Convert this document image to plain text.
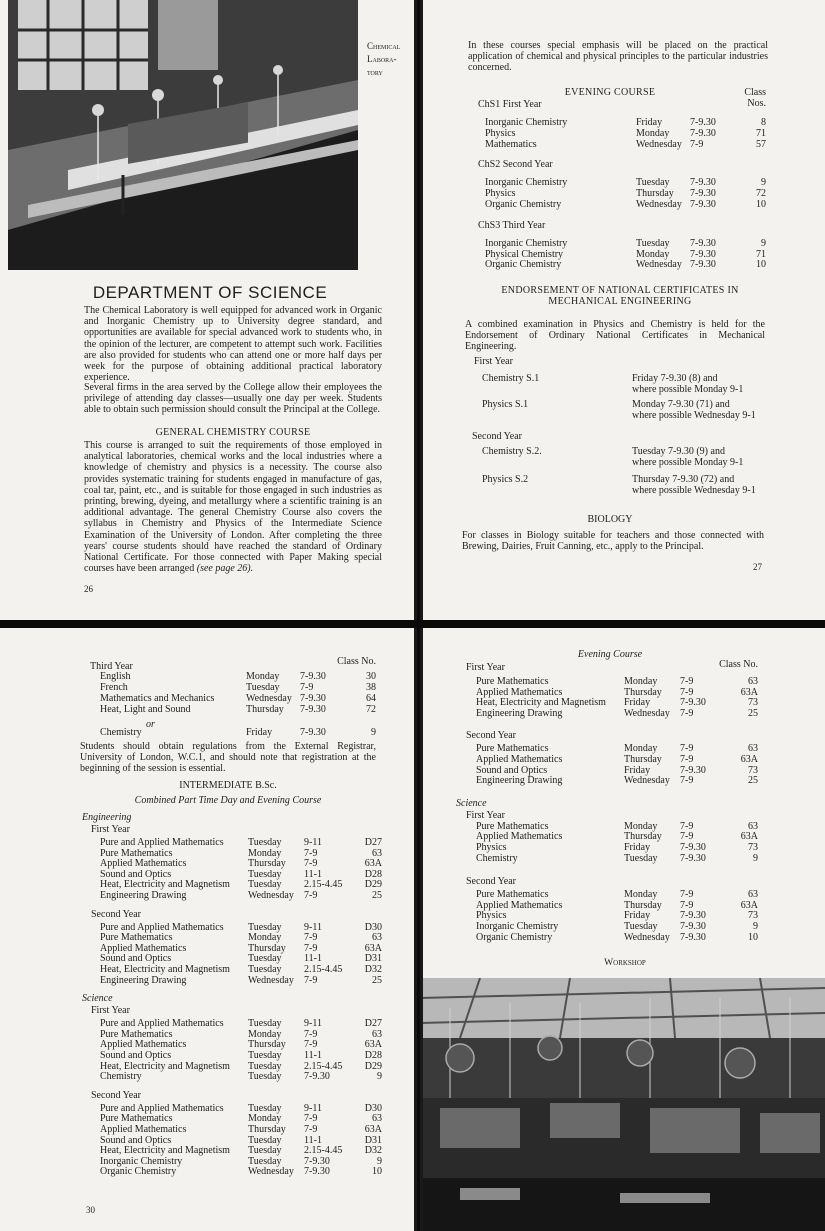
Chemical
Labora-
tory
DEPARTMENT OF SCIENCE
The Chemical Laboratory is well equipped for advanced work in Organic and Inorganic Chemistry up to University degree standard, and opportunities are available for special advanced work to students who, in the opinion of the lecturer, are competent to attempt such work. Facilities are also provided for students who can attend one or more half days per week for the purpose of obtaining additional practical laboratory experience.
Several firms in the area served by the College allow their employees the privilege of attending day classes—usually one day per week. Students able to obtain such permission should consult the Principal at the College.
GENERAL CHEMISTRY COURSE
This course is arranged to suit the requirements of those employed in analytical laboratories, chemical works and the local industries where a knowledge of chemistry and physics is a necessity. The course also provides systematic training for students engaged in manufacture of gas, coal tar, paint, etc., and is suitable for those engaged in such industries as printing, brewing, dyeing, and metallurgy where a scientific training is an additional advantage. The general Chemistry Course also covers the syllabus in Chemistry and Physics of the Intermediate Science Examination of the University of London. After completing the three years' course students should have reached the standard of Ordinary National Certificate. For those connected with Paper Making special courses have been arranged (see page 26).
26
In these courses special emphasis will be placed on the practical application of chemical and physical principles to the particular industries concerned.
EVENING COURSE	Class
Nos.
ChS1 First Year
Inorganic Chemistry	Friday	7-9.30	8
Physics	Monday 7-9.30	71
Mathematics	Wednesday 7-9	57
ChS2 Second Year
Inorganic Chemistry	Tuesday 7-9.30	9
Physics	Thursday 7-9.30	72
Organic Chemistry	Wednesday 7-9.30	10
ChS3 Third Year
Inorganic Chemistry	Tuesday 7-9.30	9
Physical Chemistry	Monday 7-9.30	71
Organic Chemistry	Wednesday 7-9.30	10
ENDORSEMENT OF NATIONAL CERTIFICATES IN MECHANICAL ENGINEERING
A combined examination in Physics and Chemistry is held for the Endorsement of Ordinary National Certificates in Mechanical Engineering.
First Year
Chemistry S.1	Friday 7-9.30 (8) and
where possible Monday 9-1
Physics S.1	Monday 7-9.30 (71) and
where possible Wednesday 9-1
Second Year
Chemistry S.2.	Tuesday 7-9.30 (9) and
where possible Monday 9-1
Physics S.2	Thursday 7-9.30 (72) and
where possible Wednesday 9-1
BIOLOGY
For classes in Biology suitable for teachers and those connected with Brewing, Dairies, Fruit Canning, etc., apply to the Principal.
27
Third Year	Class No.
English	Monday 7-9.30	30
French	Tuesday 7-9	38
Mathematics and Mechanics	Wednesday 7-9.30	64
Heat, Light and Sound	Thursday 7-9.30	72
or
Chemistry	Friday	7-9.30	9
Students should obtain regulations from the External Registrar, University of London, W.C.1, and should note that registration at the beginning of the session is essential.
INTERMEDIATE B.Sc.
Combined Part Time Day and Evening Course
Engineering
First Year
Pure and Applied Mathematics Tuesday 9-11	D27
Pure Mathematics	Monday 7-9	63
Applied Mathematics	Thursday 7-9	63A
Sound and Optics	Tuesday 11-1	D28
Heat, Electricity and Magnetism Tuesday 2.15-4.45	D29
Engineering Drawing	Wednesday 7-9	25
Second Year
Pure and Applied Mathematics Tuesday 9-11	D30
Pure Mathematics	Monday 7-9	63
Applied Mathematics	Thursday 7-9	63A
Sound and Optics	Tuesday 11-1	D31
Heat, Electricity and Magnetism Tuesday 2.15-4.45	D32
Engineering Drawing	Wednesday 7-9	25
Science
First Year
Pure and Applied Mathematics Tuesday 9-11	D27
Pure Mathematics	Monday 7-9	63
Applied Mathematics	Thursday 7-9	63A
Sound and Optics	Tuesday 11-1	D28
Heat, Electricity and Magnetism Tuesday 2.15-4.45	D29
Chemistry	Tuesday 7-9.30	9
Second Year
Pure and Applied Mathematics Tuesday 9-11	D30
Pure Mathematics	Monday 7-9	63
Applied Mathematics	Thursday 7-9	63A
Sound and Optics	Tuesday 11-1	D31
Heat, Electricity and Magnetism Tuesday 2.15-4.45	D32
Inorganic Chemistry	Tuesday 7-9.30	9
Organic Chemistry	Wednesday 7-9.30	10
30
Evening Course
Class No.
First Year
Pure Mathematics	Monday 7-9	63
Applied Mathematics	Thursday 7-9	63A
Heat, Electricity and Magnetism Friday	7-9.30	73
Engineering Drawing	Wednesday 7-9	25
Second Year
Pure Mathematics	Monday 7-9	63
Applied Mathematics	Thursday 7-9	63A
Sound and Optics	Friday	7-9.30	73
Engineering Drawing	Wednesday 7-9	25
Science
First Year
Pure Mathematics	Monday 7-9	63
Applied Mathematics	Thursday 7-9	63A
Physics	Friday	7-9.30	73
Chemistry	Tuesday 7-9.30	9
Second Year
Pure Mathematics	Monday 7-9	63
Applied Mathematics	Thursday 7-9	63A
Physics	Friday	7-9.30	73
Inorganic Chemistry	Tuesday 7-9.30	9
Organic Chemistry	Wednesday 7-9.30	10
Workshop
